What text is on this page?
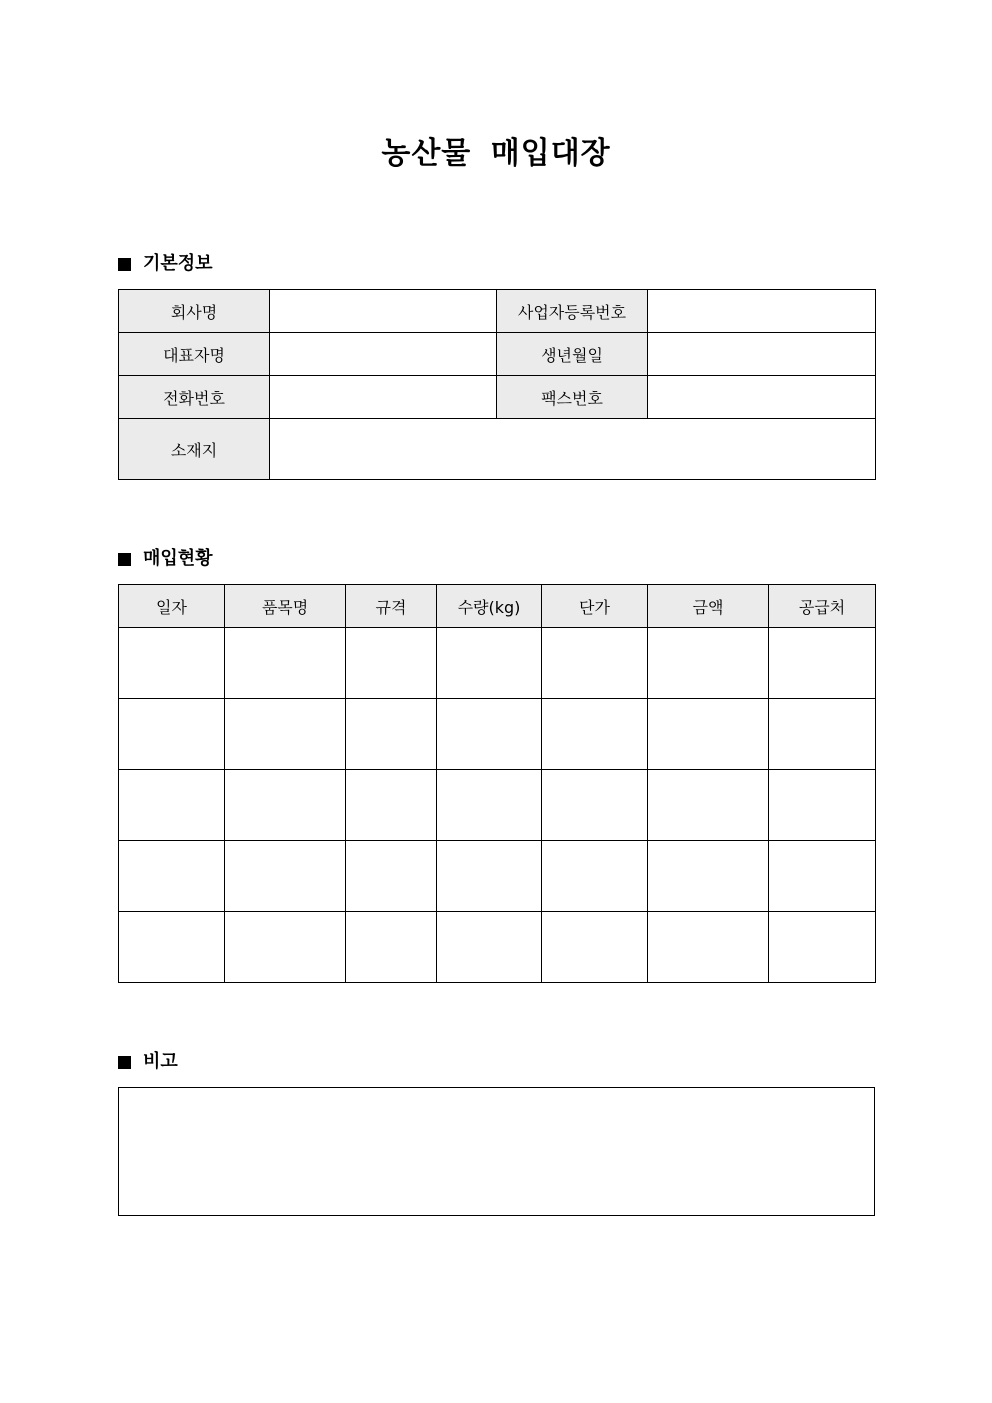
농산물 매입대장
기본정보
회사명		사업자등록번호	
대표자명		생년월일	
전화번호		팩스번호	
소재지			
매입현황
일자	품목명	규격	수량(kg)	단가	금액	공급처

비고
